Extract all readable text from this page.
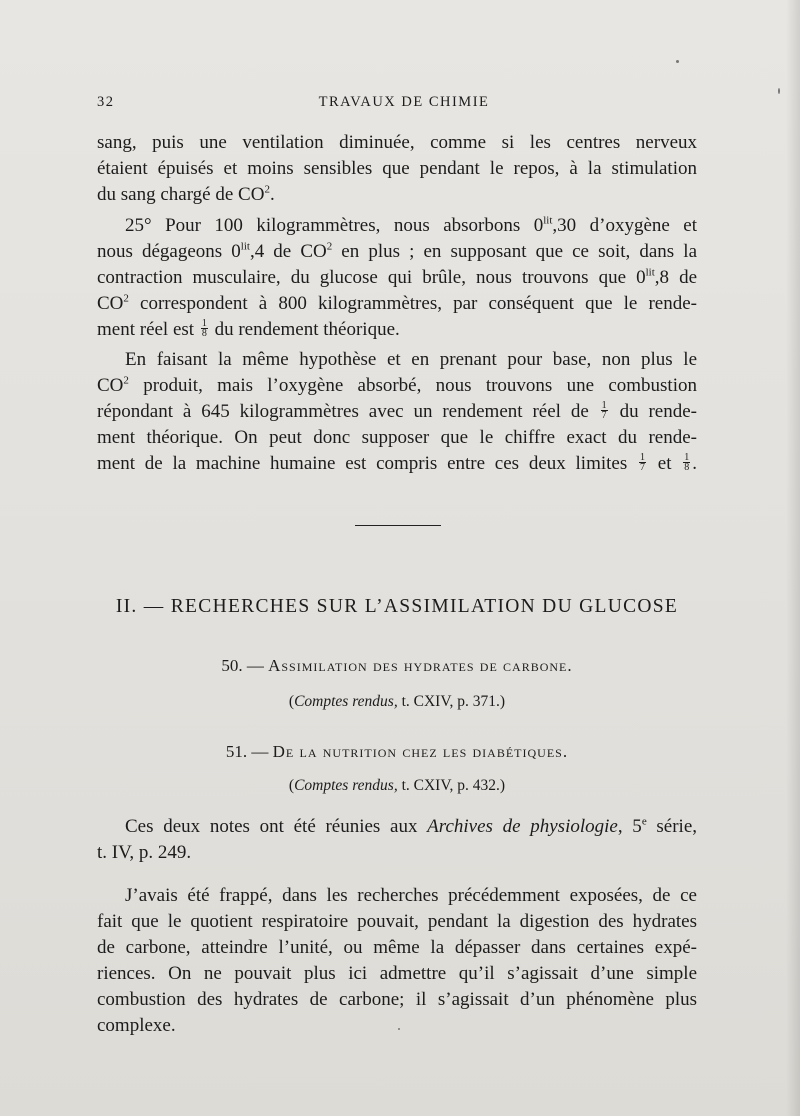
32	TRAVAUX DE CHIMIE
sang, puis une ventilation diminuée, comme si les centres nerveux
étaient épuisés et moins sensibles que pendant le repos, à la stimulation
du sang chargé de $CO^2$.
25° Pour 100 kilogrammètres, nous absorbons $0^{lit},30$ d’oxygène et
nous dégageons $0^{lit},4$ de $CO^2$ en plus ; en supposant que ce soit, dans la
contraction musculaire, du glucose qui brûle, nous trouvons que $0^{lit},8$ de
$CO^2$ correspondent à 800 kilogrammètres, par conséquent que le rende-
ment réel est $\frac{1}{8}$ du rendement théorique.
En faisant la même hypothèse et en prenant pour base, non plus le
$CO^2$ produit, mais l’oxygène absorbé, nous trouvons une combustion
répondant à 645 kilogrammètres avec un rendement réel de $\frac{1}{7}$ du rende-
ment théorique. On peut donc supposer que le chiffre exact du rende-
ment de la machine humaine est compris entre ces deux limites $\frac{1}{7}$ et $\frac{1}{8}$ .
II. — RECHERCHES SUR L’ASSIMILATION DU GLUCOSE
50. — Assimilation des hydrates de carbone.
(Comptes rendus, t. CXIV, p. 371.)
51. — De la nutrition chez les diabétiques.
(Comptes rendus, t. CXIV, p. 432.)
Ces deux notes ont été réunies aux Archives de physiologie, 5e série,
t. IV, p. 249.
J’avais été frappé, dans les recherches précédemment exposées, de ce
fait que le quotient respiratoire pouvait, pendant la digestion des hydrates
de carbone, atteindre l’unité, ou même la dépasser dans certaines expé-
riences. On ne pouvait plus ici admettre qu’il s’agissait d’une simple
combustion des hydrates de carbone; il s’agissait d’un phénomène plus
complexe.
